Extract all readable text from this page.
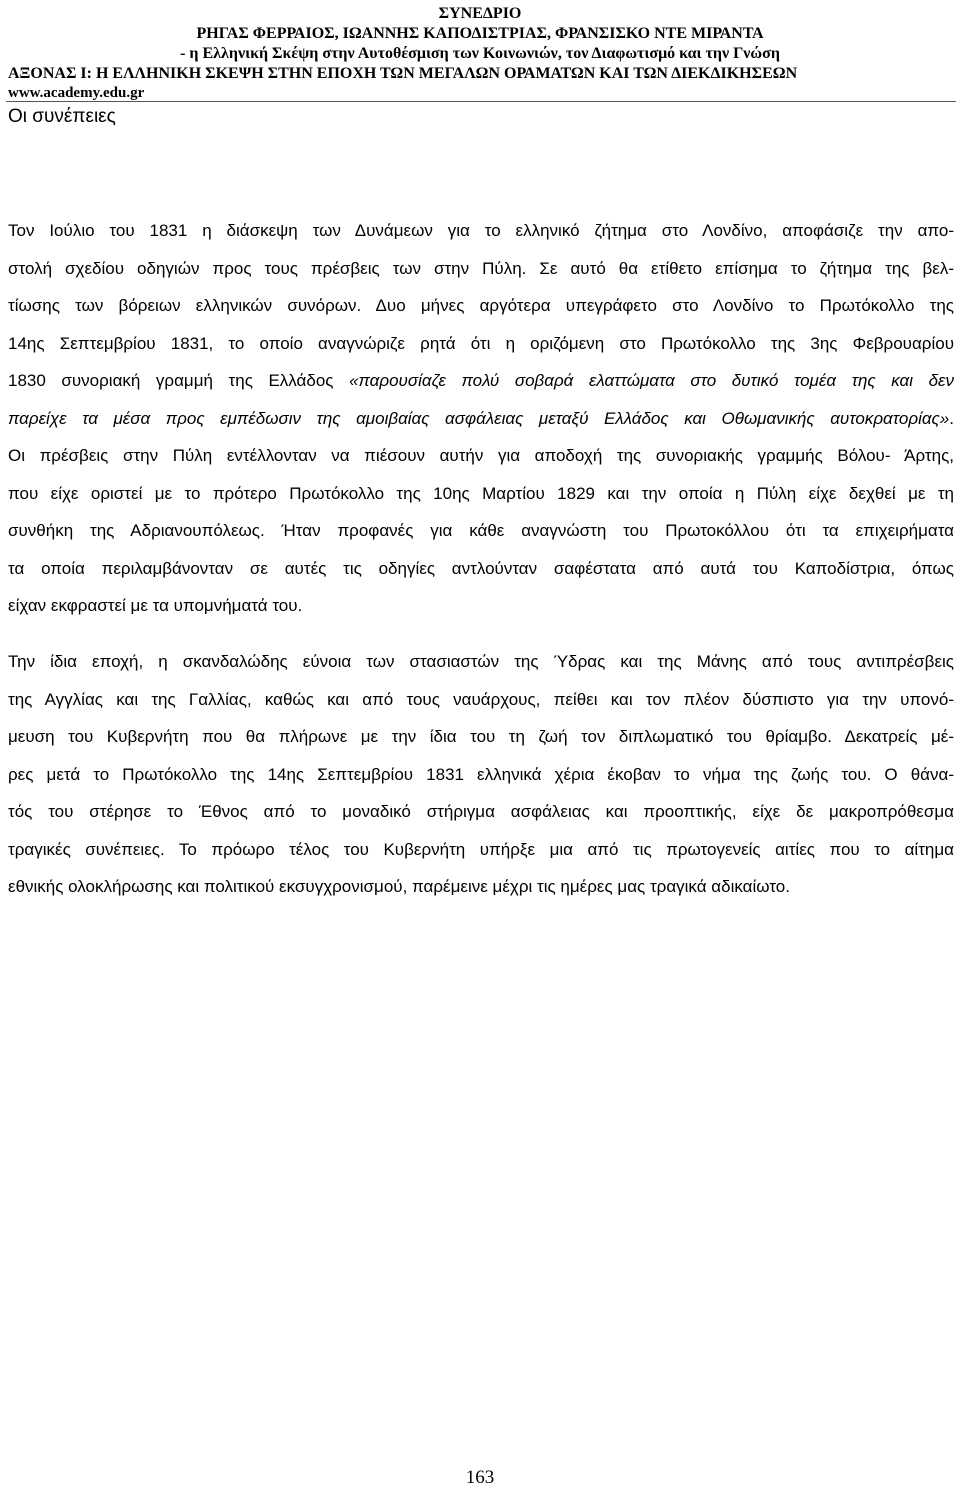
ΣΥΝΕΔΡΙΟ
ΡΗΓΑΣ ΦΕΡΡΑΙΟΣ, ΙΩΑΝΝΗΣ ΚΑΠΟΔΙΣΤΡΙΑΣ, ΦΡΑΝΣΙΣΚΟ ΝΤΕ ΜΙΡΑΝΤΑ
- η Ελληνική Σκέψη στην Αυτοθέσμιση των Κοινωνιών, τον Διαφωτισμό και την Γνώση
ΑΞΟΝΑΣ Ι: Η ΕΛΛΗΝΙΚΗ ΣΚΕΨΗ ΣΤΗΝ ΕΠΟΧΗ ΤΩΝ ΜΕΓΑΛΩΝ ΟΡΑΜΑΤΩΝ ΚΑΙ ΤΩΝ ΔΙΕΚΔΙΚΗΣΕΩΝ
www.academy.edu.gr
Οι συνέπειες
Τον Ιούλιο του 1831 η διάσκεψη των Δυνάμεων για το ελληνικό ζήτημα στο Λονδίνο, αποφάσιζε την απο-
στολή σχεδίου οδηγιών προς τους πρέσβεις των στην Πύλη. Σε αυτό θα ετίθετο επίσημα το ζήτημα της βελ-
τίωσης των βόρειων ελληνικών συνόρων. Δυο μήνες αργότερα υπεγράφετο στο Λονδίνο το Πρωτόκολλο της
14ης Σεπτεμβρίου 1831, το οποίο αναγνώριζε ρητά ότι η οριζόμενη στο Πρωτόκολλο της 3ης Φεβρουαρίου
1830 συνοριακή γραμμή της Ελλάδος «παρουσίαζε πολύ σοβαρά ελαττώματα στο δυτικό τομέα της και δεν
παρείχε τα μέσα προς εμπέδωσιν της αμοιβαίας ασφάλειας μεταξύ Ελλάδος και Οθωμανικής αυτοκρατορίας».
Οι πρέσβεις στην Πύλη εντέλλονταν να πιέσουν αυτήν για αποδοχή της συνοριακής γραμμής Βόλου- Άρτης,
που είχε οριστεί με το πρότερο Πρωτόκολλο της 10ης Μαρτίου 1829 και την οποία η Πύλη είχε δεχθεί με τη
συνθήκη της Αδριανουπόλεως. Ήταν προφανές για κάθε αναγνώστη του Πρωτοκόλλου ότι τα επιχειρήματα
τα οποία περιλαμβάνονταν σε αυτές τις οδηγίες αντλούνταν σαφέστατα από αυτά του Καποδίστρια, όπως
είχαν εκφραστεί με τα υπομνήματά του.
Την ίδια εποχή, η σκανδαλώδης εύνοια των στασιαστών της Ύδρας και της Μάνης από τους αντιπρέσβεις
της Αγγλίας και της Γαλλίας, καθώς και από τους ναυάρχους, πείθει και τον πλέον δύσπιστο για την υπονό-
μευση του Κυβερνήτη που θα πλήρωνε με την ίδια του τη ζωή τον διπλωματικό του θρίαμβο. Δεκατρείς μέ-
ρες μετά το Πρωτόκολλο της 14ης Σεπτεμβρίου 1831 ελληνικά χέρια έκοβαν το νήμα της ζωής του. Ο θάνα-
τός του στέρησε το Έθνος από το μοναδικό στήριγμα ασφάλειας και προοπτικής, είχε δε μακροπρόθεσμα
τραγικές συνέπειες. Το πρόωρο τέλος του Κυβερνήτη υπήρξε μια από τις πρωτογενείς αιτίες που το αίτημα
εθνικής ολοκλήρωσης και πολιτικού εκσυγχρονισμού, παρέμεινε μέχρι τις ημέρες μας τραγικά αδικαίωτο.
163
